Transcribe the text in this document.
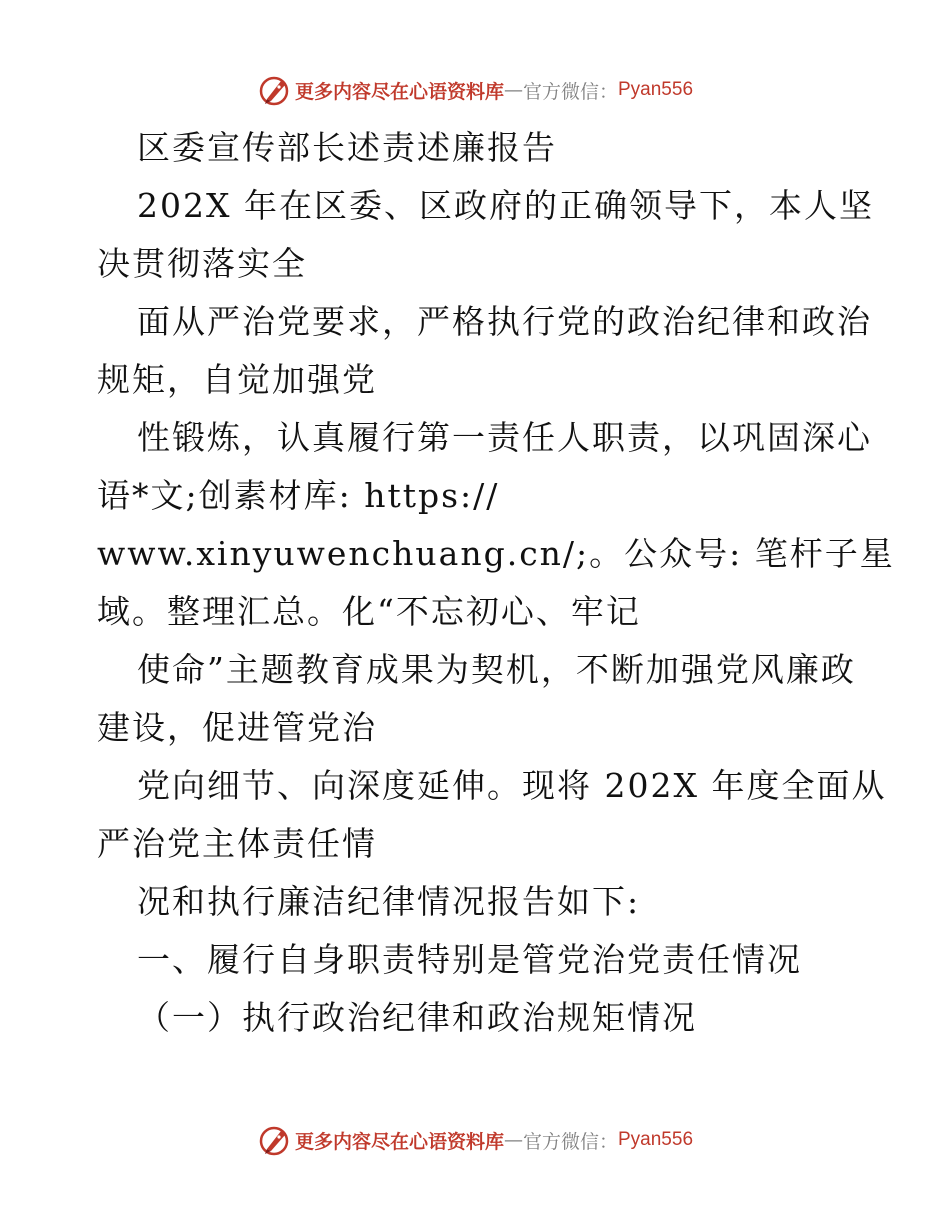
更多内容尽在心语资料库 — 官方微信： Pyan556
区委宣传部长述责述廉报告
202X 年在区委、区政府的正确领导下，本人坚
决贯彻落实全
面从严治党要求，严格执行党的政治纪律和政治
规矩，自觉加强党
性锻炼，认真履行第一责任人职责，以巩固深心
语*文;创素材库: https://
www.xinyuwenchuang.cn/;。公众号: 笔杆子星
域。整理汇总。化“不忘初心、牢记
使命”主题教育成果为契机，不断加强党风廉政
建设，促进管党治
党向细节、向深度延伸。现将 202X 年度全面从
严治党主体责任情
况和执行廉洁纪律情况报告如下:
一、履行自身职责特别是管党治党责任情况
（一）执行政治纪律和政治规矩情况
更多内容尽在心语资料库 — 官方微信： Pyan556
